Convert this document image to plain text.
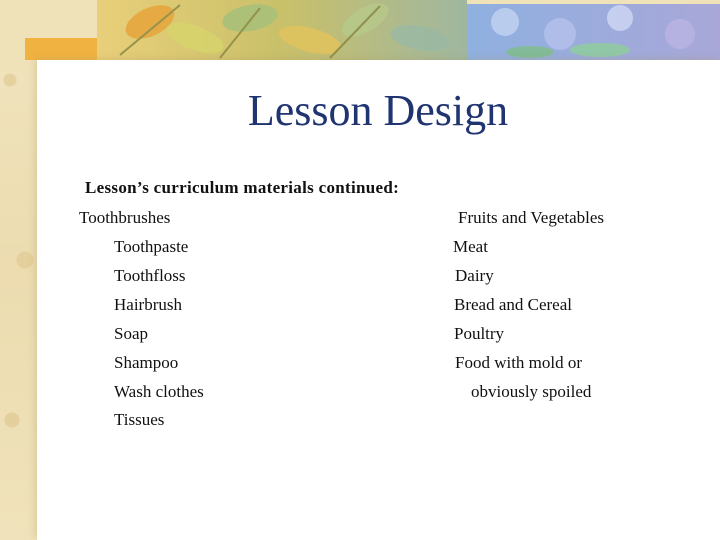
Lesson Design
Lesson’s curriculum materials continued:
Toothbrushes
Toothpaste
Toothfloss
Hairbrush
Soap
Shampoo
Wash clothes
Tissues
Fruits and Vegetables
Meat
Dairy
Bread and Cereal
Poultry
Food with mold or
obviously spoiled
